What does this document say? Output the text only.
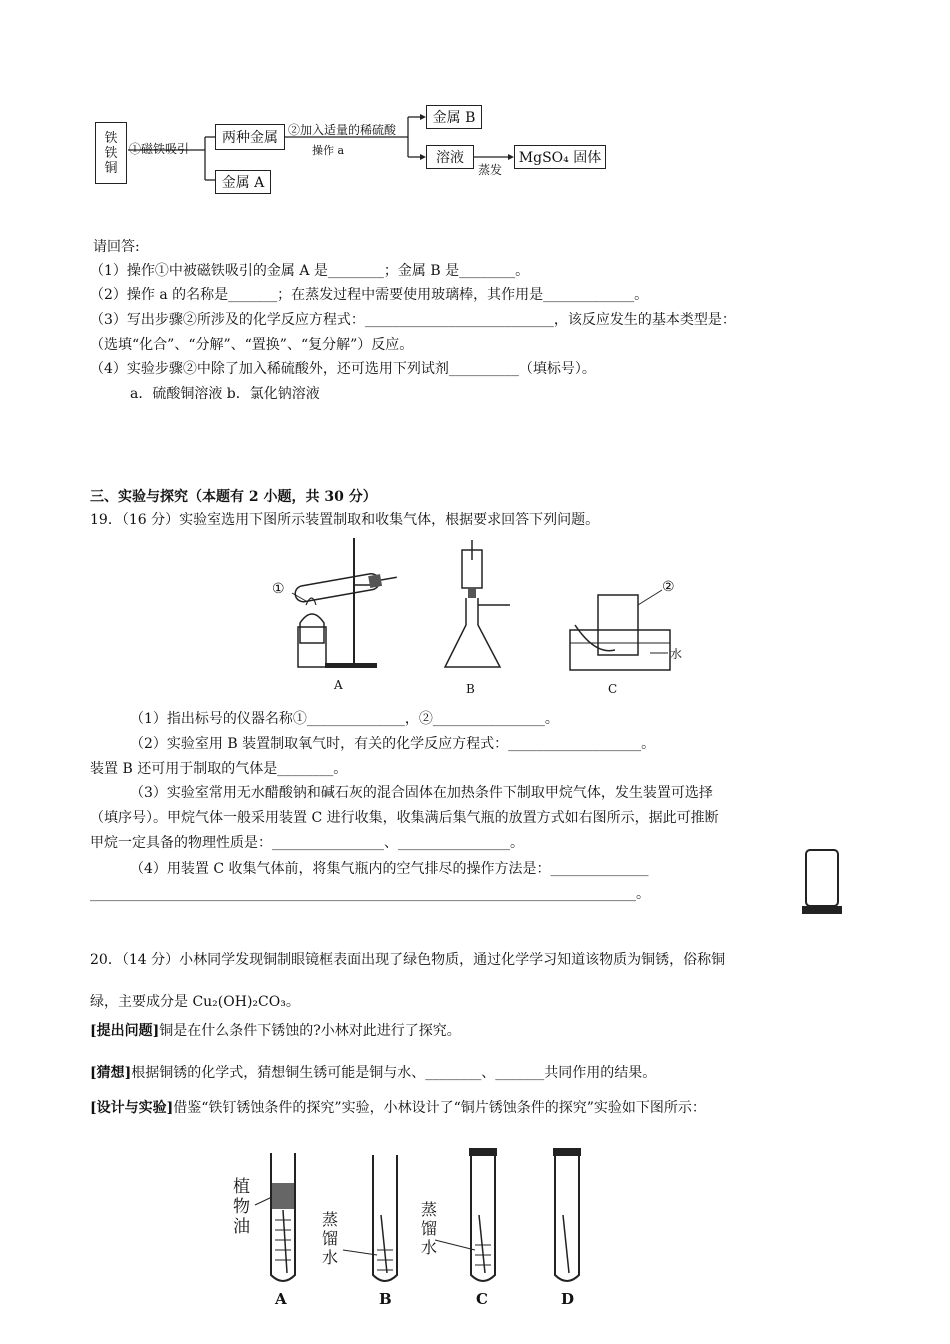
铁
铁
铜
①磁铁吸引
两种金属
金属 A
②加入适量的稀硫酸
操作 a
金属 B
溶液
蒸发
MgSO₄ 固体
请回答:
（1）操作①中被磁铁吸引的金属 A 是________；金属 B 是________。
（2）操作 a 的名称是_______；在蒸发过程中需要使用玻璃棒，其作用是_____________。
（3）写出步骤②所涉及的化学反应方程式：___________________________，该反应发生的基本类型是：
（选填“化合”、“分解”、“置换”、“复分解”）反应。
（4）实验步骤②中除了加入稀硫酸外，还可选用下列试剂__________（填标号）。
a．硫酸铜溶液 b．氯化钠溶液
三、实验与探究（本题有 2 小题，共 30 分）
19．（16 分）实验室选用下图所示装置制取和收集气体，根据要求回答下列问题。
①	②
水
A	B	C
（1）指出标号的仪器名称①______________，②________________。
（2）实验室用 B 装置制取氧气时，有关的化学反应方程式：___________________。
装置 B 还可用于制取的气体是________。
（3）实验室常用无水醋酸钠和碱石灰的混合固体在加热条件下制取甲烷气体，发生装置可选择
（填序号）。甲烷气体一般采用装置 C 进行收集，收集满后集气瓶的放置方式如右图所示，据此可推断
甲烷一定具备的物理性质是：________________、________________。
（4）用装置 C 收集气体前，将集气瓶内的空气排尽的操作方法是：______________
______________________________________________________________________________。
20．（14 分）小林同学发现铜制眼镜框表面出现了绿色物质，通过化学学习知道该物质为铜锈，俗称铜
绿，主要成分是 Cu₂(OH)₂CO₃。
[提出问题]铜是在什么条件下锈蚀的?小林对此进行了探究。
[猜想]根据铜锈的化学式，猜想铜生锈可能是铜与水、________、_______共同作用的结果。
[设计与实验]借鉴“铁钉锈蚀条件的探究”实验，小林设计了“铜片锈蚀条件的探究”实验如下图所示：
植
物
油	蒸
馏
水
蒸
馏
水
A	B	C	D
